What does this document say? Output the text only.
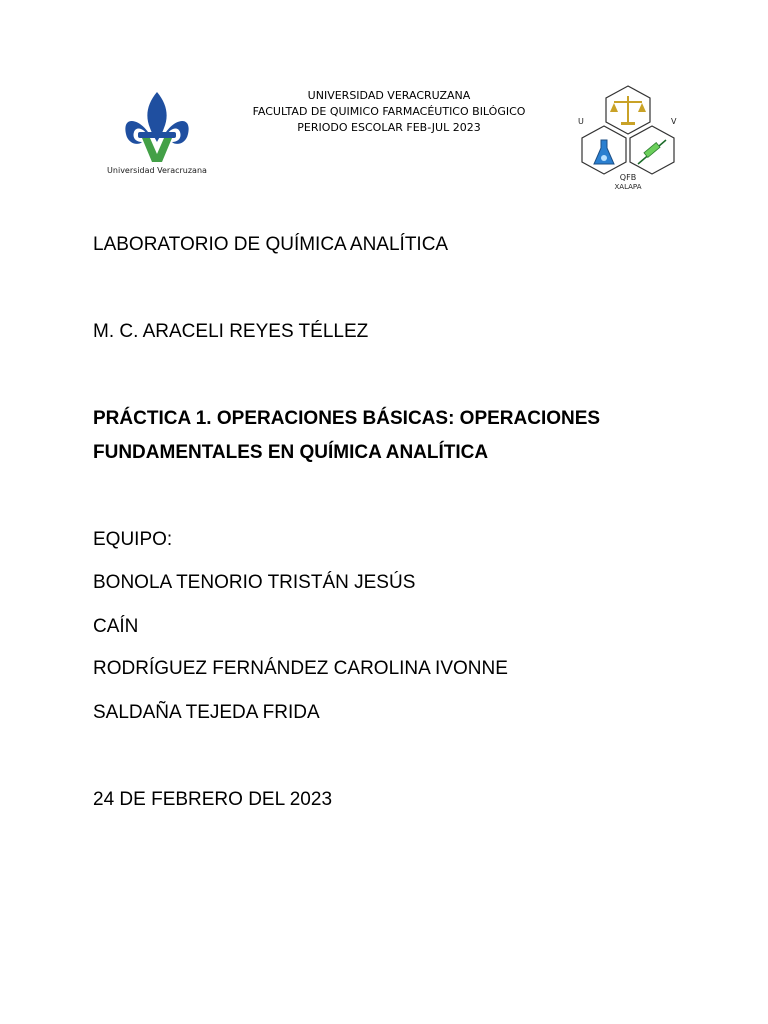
Universidad Veracruzana
UNIVERSIDAD VERACRUZANA
FACULTAD DE QUIMICO FARMACÉUTICO BILÓGICO
PERIODO ESCOLAR FEB-JUL 2023	U	V
QFB
XALAPA
LABORATORIO DE QUÍMICA ANALÍTICA
M. C. ARACELI REYES TÉLLEZ
PRÁCTICA 1. OPERACIONES BÁSICAS: OPERACIONES
FUNDAMENTALES EN QUÍMICA ANALÍTICA
EQUIPO:
BONOLA TENORIO TRISTÁN JESÚS
CAÍN
RODRÍGUEZ FERNÁNDEZ CAROLINA IVONNE
SALDAÑA TEJEDA FRIDA
24 DE FEBRERO DEL 2023
